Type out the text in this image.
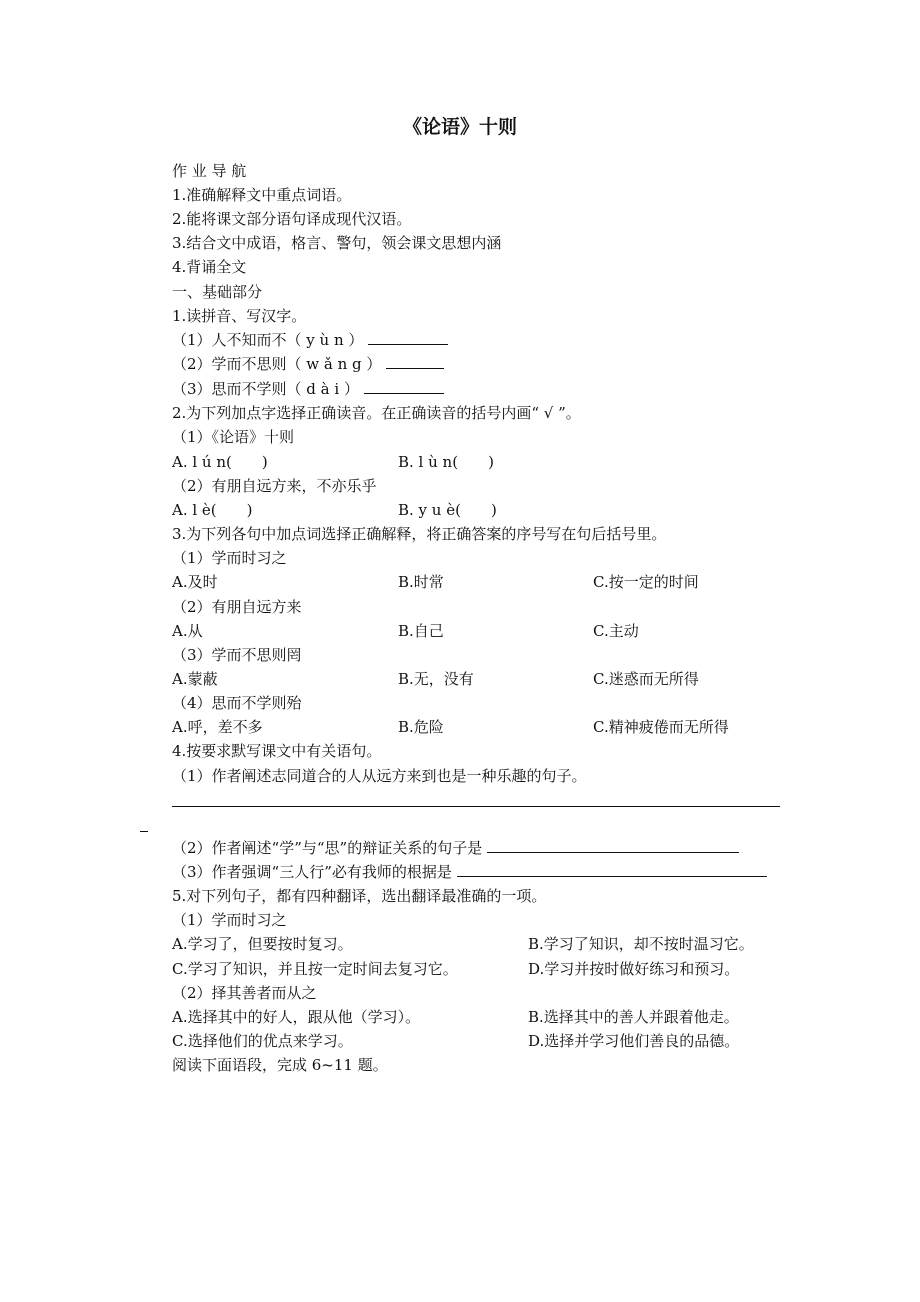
《论语》十则
作 业 导 航
1.准确解释文中重点词语。
2.能将课文部分语句译成现代汉语。
3.结合文中成语，格言、警句，领会课文思想内涵
4.背诵全文
一、基础部分
1.读拼音、写汉字。
（1）人不知而不（ y ù n ）
（2）学而不思则（ w ǎ n g ）
（3）思而不学则（ d à i ）
2.为下列加点字选择正确读音。在正确读音的括号内画“ √ ”。
（1）《论语》十则
A. l ú n(　　)	B. l ù n(　　)
（2）有朋自远方来，不亦乐乎
A. l è(　　)	B. y u è(　　)
3.为下列各句中加点词选择正确解释，将正确答案的序号写在句后括号里。
（1）学而时习之
A.及时	B.时常	C.按一定的时间
（2）有朋自远方来
A.从	B.自己	C.主动
（3）学而不思则罔
A.蒙蔽	B.无，没有	C.迷惑而无所得
（4）思而不学则殆
A.呼，差不多	B.危险	C.精神疲倦而无所得
4.按要求默写课文中有关语句。
（1）作者阐述志同道合的人从远方来到也是一种乐趣的句子。
（2）作者阐述“学”与“思”的辩证关系的句子是
（3）作者强调“三人行”必有我师的根据是
5.对下列句子，都有四种翻译，选出翻译最准确的一项。
（1）学而时习之
A.学习了，但要按时复习。	B.学习了知识，却不按时温习它。
C.学习了知识，并且按一定时间去复习它。	D.学习并按时做好练习和预习。
（2）择其善者而从之
A.选择其中的好人，跟从他（学习）。	B.选择其中的善人并跟着他走。
C.选择他们的优点来学习。	D.选择并学习他们善良的品德。
阅读下面语段，完成 6~11 题。
